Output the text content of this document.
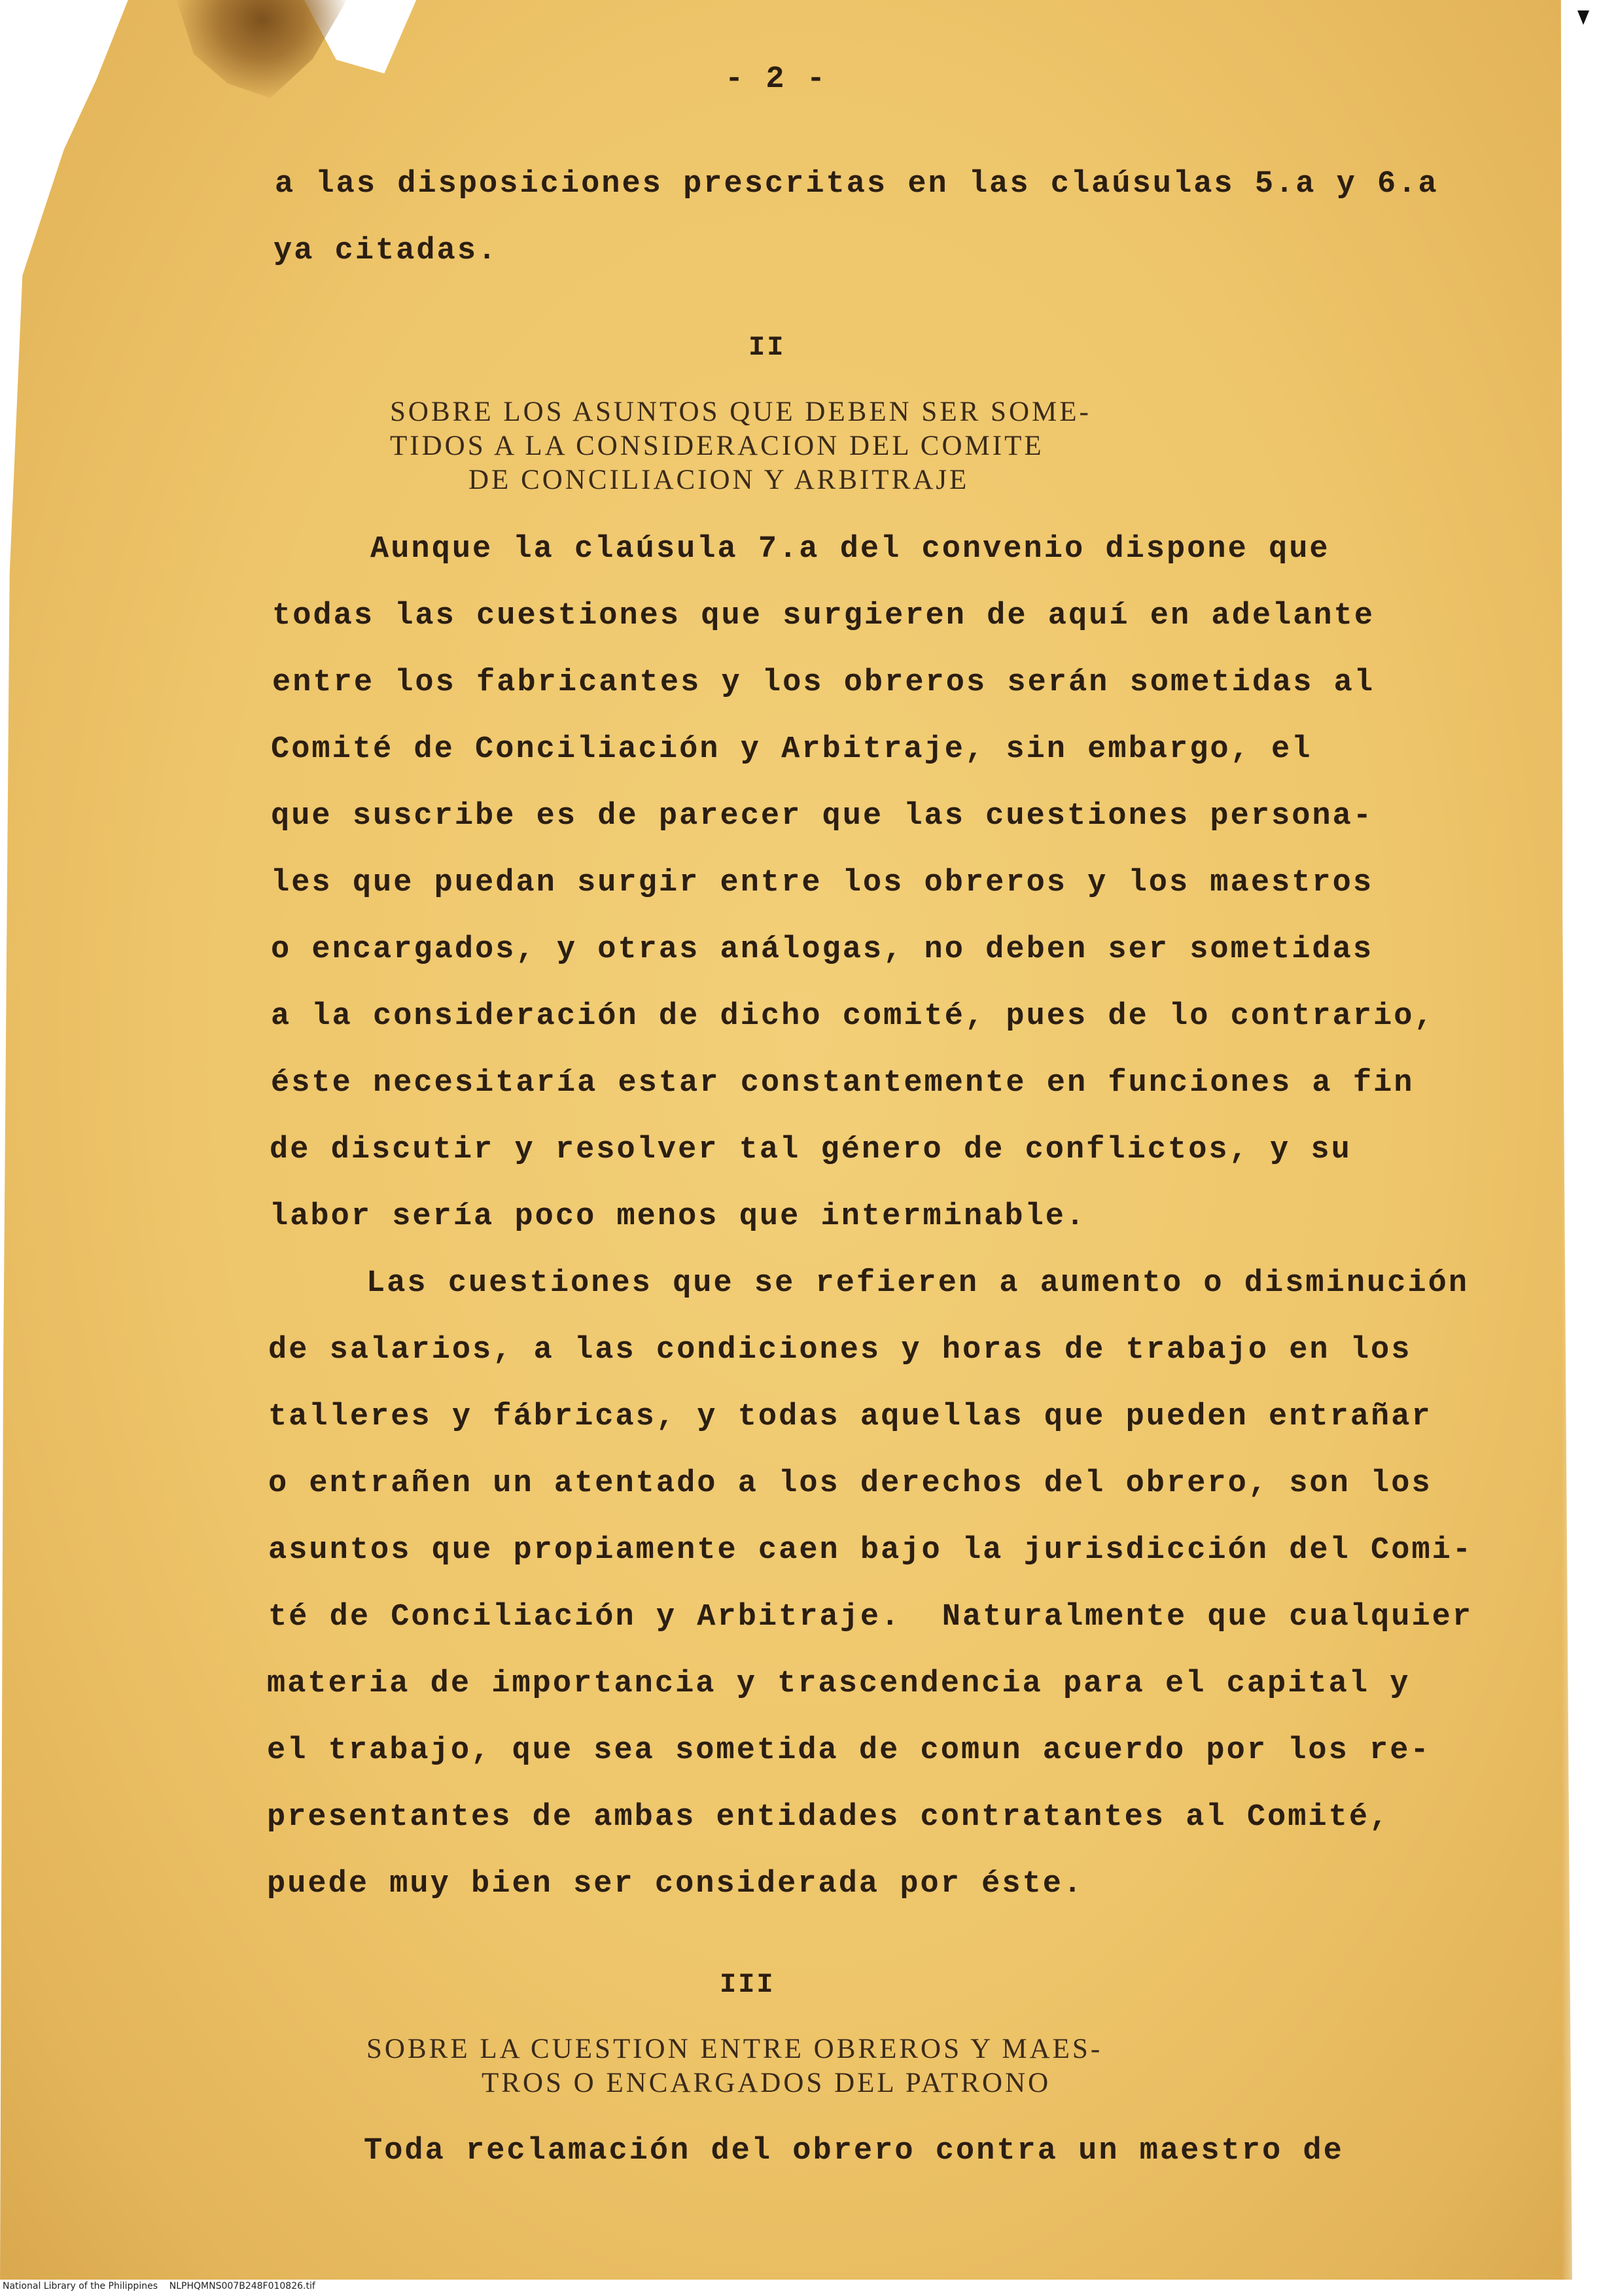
- 2 -
a las disposiciones prescritas en las claúsulas 5.a y 6.a
ya citadas.
II
SOBRE LOS ASUNTOS QUE DEBEN SER SOME-
TIDOS A LA CONSIDERACION DEL COMITE
DE CONCILIACION Y ARBITRAJE
Aunque la claúsula 7.a del convenio dispone que
todas las cuestiones que surgieren de aquí en adelante
entre los fabricantes y los obreros serán sometidas al
Comité de Conciliación y Arbitraje, sin embargo, el
que suscribe es de parecer que las cuestiones persona-
les que puedan surgir entre los obreros y los maestros
o encargados, y otras análogas, no deben ser sometidas
a la consideración de dicho comité, pues de lo contrario,
éste necesitaría estar constantemente en funciones a fin
de discutir y resolver tal género de conflictos, y su
labor sería poco menos que interminable.
Las cuestiones que se refieren a aumento o disminución
de salarios, a las condiciones y horas de trabajo en los
talleres y fábricas, y todas aquellas que pueden entrañar
o entrañen un atentado a los derechos del obrero, son los
asuntos que propiamente caen bajo la jurisdicción del Comi-
té de Conciliación y Arbitraje.  Naturalmente que cualquier
materia de importancia y trascendencia para el capital y
el trabajo, que sea sometida de comun acuerdo por los re-
presentantes de ambas entidades contratantes al Comité,
puede muy bien ser considerada por éste.
III
SOBRE LA CUESTION ENTRE OBREROS Y MAES-
TROS O ENCARGADOS DEL PATRONO
Toda reclamación del obrero contra un maestro de
National Library of the Philippines    NLPHQMNS007B248F010826.tif
